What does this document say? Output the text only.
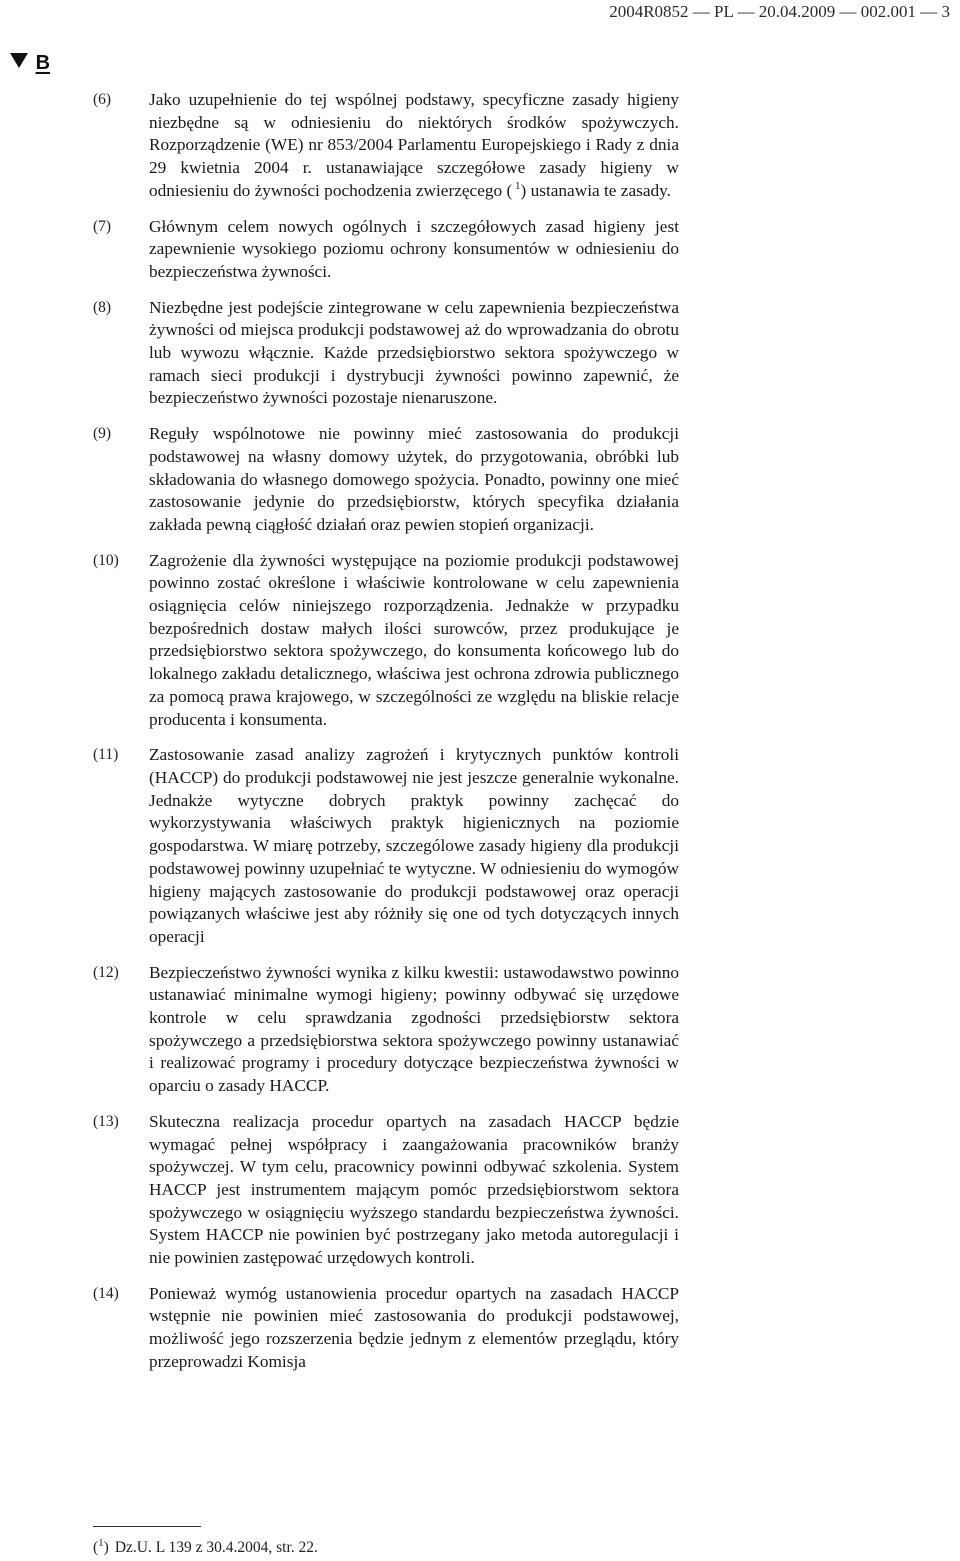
2004R0852 — PL — 20.04.2009 — 002.001 — 3
B
(6) Jako uzupełnienie do tej wspólnej podstawy, specyficzne zasady higieny niezbędne są w odniesieniu do niektórych środków spożywczych. Rozporządzenie (WE) nr 853/2004 Parlamentu Europejskiego i Rady z dnia 29 kwietnia 2004 r. ustanawiające szczegółowe zasady higieny w odniesieniu do żywności pochodzenia zwierzęcego ( $^1$) ustanawia te zasady.
(7) Głównym celem nowych ogólnych i szczegółowych zasad higieny jest zapewnienie wysokiego poziomu ochrony konsumentów w odniesieniu do bezpieczeństwa żywności.
(8) Niezbędne jest podejście zintegrowane w celu zapewnienia bezpieczeństwa żywności od miejsca produkcji podstawowej aż do wprowadzania do obrotu lub wywozu włącznie. Każde przedsiębiorstwo sektora spożywczego w ramach sieci produkcji i dystrybucji żywności powinno zapewnić, że bezpieczeństwo żywności pozostaje nienaruszone.
(9) Reguły wspólnotowe nie powinny mieć zastosowania do produkcji podstawowej na własny domowy użytek, do przygotowania, obróbki lub składowania do własnego domowego spożycia. Ponadto, powinny one mieć zastosowanie jedynie do przedsiębiorstw, których specyfika działania zakłada pewną ciągłość działań oraz pewien stopień organizacji.
(10) Zagrożenie dla żywności występujące na poziomie produkcji podstawowej powinno zostać określone i właściwie kontrolowane w celu zapewnienia osiągnięcia celów niniejszego rozporządzenia. Jednakże w przypadku bezpośrednich dostaw małych ilości surowców, przez produkujące je przedsiębiorstwo sektora spożywczego, do konsumenta końcowego lub do lokalnego zakładu detalicznego, właściwa jest ochrona zdrowia publicznego za pomocą prawa krajowego, w szczególności ze względu na bliskie relacje producenta i konsumenta.
(11) Zastosowanie zasad analizy zagrożeń i krytycznych punktów kontroli (HACCP) do produkcji podstawowej nie jest jeszcze generalnie wykonalne. Jednakże wytyczne dobrych praktyk powinny zachęcać do wykorzystywania właściwych praktyk higienicznych na poziomie gospodarstwa. W miarę potrzeby, szczególowe zasady higieny dla produkcji podstawowej powinny uzupełniać te wytyczne. W odniesieniu do wymogów higieny mających zastosowanie do produkcji podstawowej oraz operacji powiązanych właściwe jest aby różniły się one od tych dotyczących innych operacji
(12) Bezpieczeństwo żywności wynika z kilku kwestii: ustawodawstwo powinno ustanawiać minimalne wymogi higieny; powinny odbywać się urzędowe kontrole w celu sprawdzania zgodności przedsiębiorstw sektora spożywczego a przedsiębiorstwa sektora spożywczego powinny ustanawiać i realizować programy i procedury dotyczące bezpieczeństwa żywności w oparciu o zasady HACCP.
(13) Skuteczna realizacja procedur opartych na zasadach HACCP będzie wymagać pełnej współpracy i zaangażowania pracowników branży spożywczej. W tym celu, pracownicy powinni odbywać szkolenia. System HACCP jest instrumentem mającym pomóc przedsiębiorstwom sektora spożywczego w osiągnięciu wyższego standardu bezpieczeństwa żywności. System HACCP nie powinien być postrzegany jako metoda autoregulacji i nie powinien zastępować urzędowych kontroli.
(14) Ponieważ wymóg ustanowienia procedur opartych na zasadach HACCP wstępnie nie powinien mieć zastosowania do produkcji podstawowej, możliwość jego rozszerzenia będzie jednym z elementów przeglądu, który przeprowadzi Komisja
($^1$) Dz.U. L 139 z 30.4.2004, str. 22.
